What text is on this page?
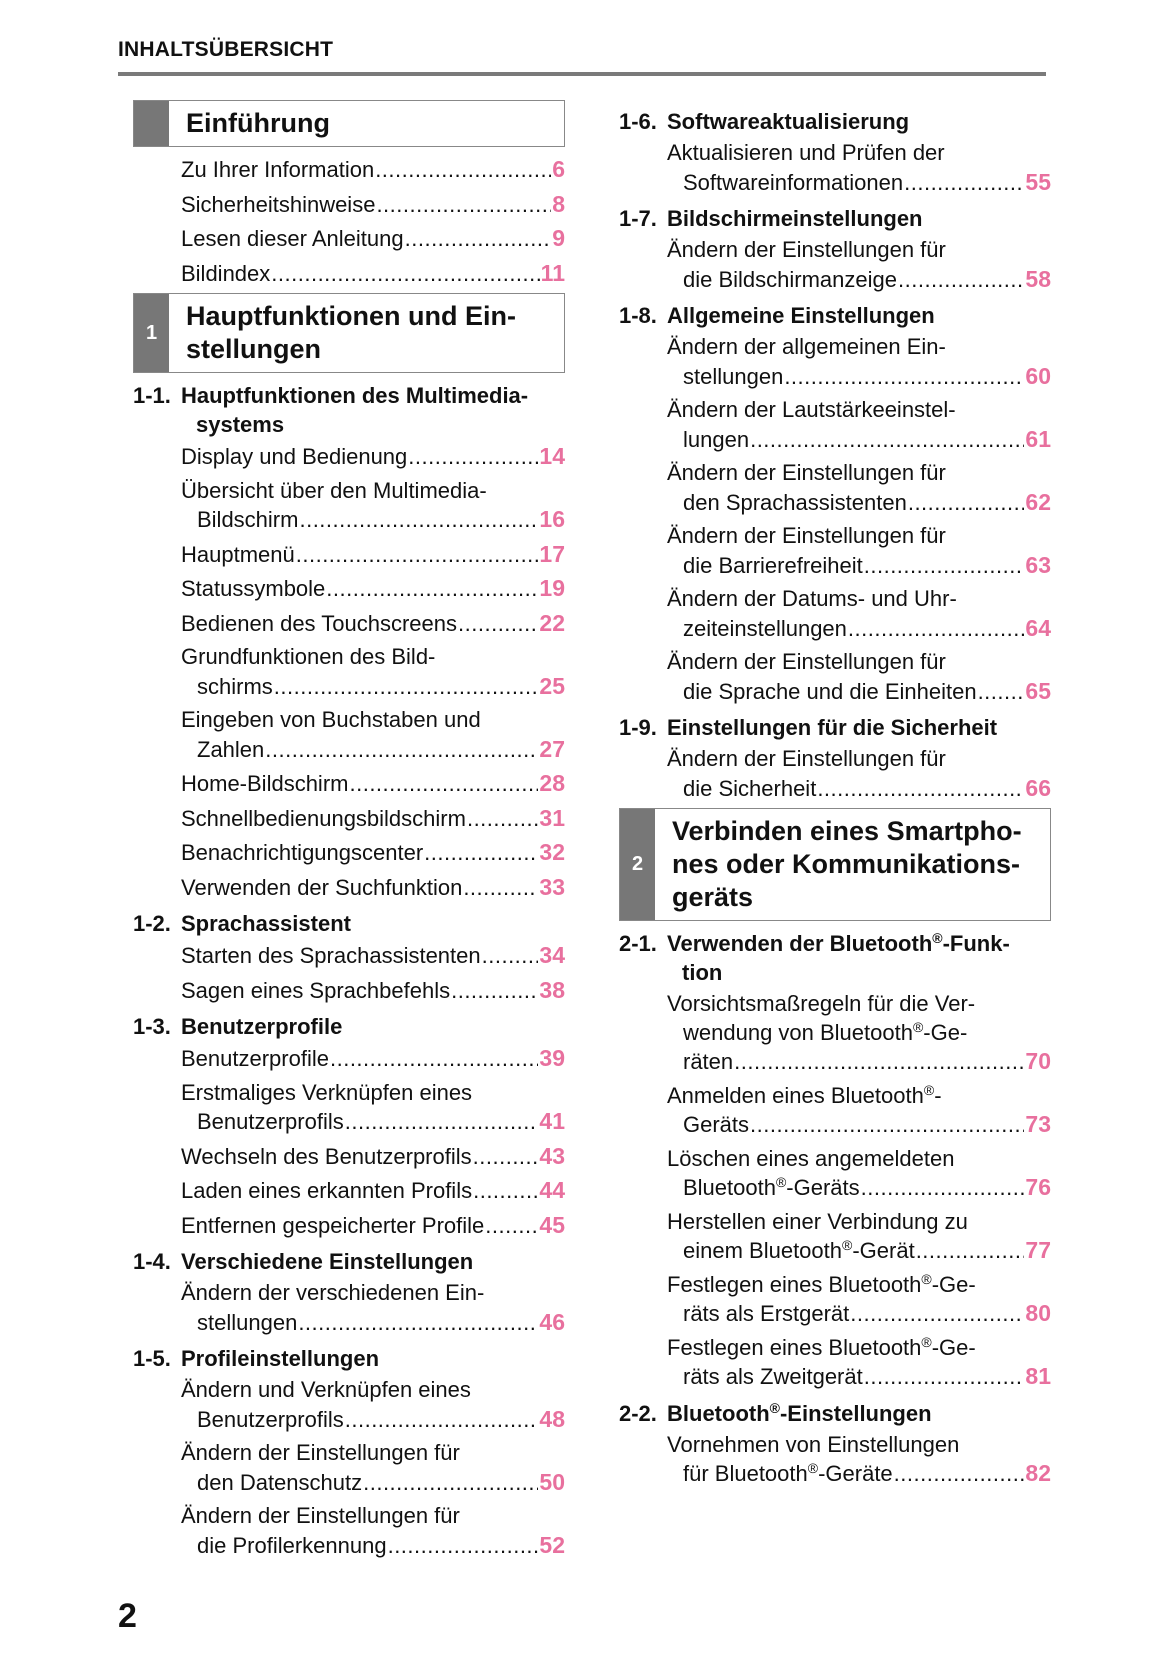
INHALTSÜBERSICHT
Einführung
Zu Ihrer Information .....	6
Sicherheitshinweise .....	8
Lesen dieser Anleitung .....	9
Bildindex .....	11
1
Hauptfunktionen und Ein-
stellungen
1-1. Hauptfunktionen des Multimedia-
systems
Display und Bedienung .....	14
Übersicht über den Multimedia-
Bildschirm .....	16
Hauptmenü .....	17
Statussymbole .....	19
Bedienen des Touchscreens .....	22
Grundfunktionen des Bild-
schirms .....	25
Eingeben von Buchstaben und
Zahlen .....	27
Home-Bildschirm .....	28
Schnellbedienungsbildschirm .....	31
Benachrichtigungscenter .....	32
Verwenden der Suchfunktion .....	33
1-2. Sprachassistent
Starten des Sprachassistenten .....	34
Sagen eines Sprachbefehls .....	38
1-3. Benutzerprofile
Benutzerprofile .....	39
Erstmaliges Verknüpfen eines
Benutzerprofils .....	41
Wechseln des Benutzerprofils .....	43
Laden eines erkannten Profils .....	44
Entfernen gespeicherter Profile ..... 45
1-4. Verschiedene Einstellungen
Ändern der verschiedenen Ein-
stellungen .....	46
1-5. Profileinstellungen
Ändern und Verknüpfen eines
Benutzerprofils .....	48
Ändern der Einstellungen für
den Datenschutz .....	50
Ändern der Einstellungen für
die Profilerkennung .....	52
1-6. Softwareaktualisierung
Aktualisieren und Prüfen der
Softwareinformationen .....	55
1-7. Bildschirmeinstellungen
Ändern der Einstellungen für
die Bildschirmanzeige .....	58
1-8. Allgemeine Einstellungen
Ändern der allgemeinen Ein-
stellungen .....	60
Ändern der Lautstärkeeinstel-
lungen .....	61
Ändern der Einstellungen für
den Sprachassistenten .....	62
Ändern der Einstellungen für
die Barrierefreiheit .....	63
Ändern der Datums- und Uhr-
zeiteinstellungen .....	64
Ändern der Einstellungen für
die Sprache und die Einheiten ..... 65
1-9. Einstellungen für die Sicherheit
Ändern der Einstellungen für
die Sicherheit .....	66
2
Verbinden eines Smartpho-
nes oder Kommunikations-
geräts
2-1. Verwenden der Bluetooth®-Funk-
tion
Vorsichtsmaßregeln für die Ver-
wendung von Bluetooth®-Ge-
räten .....	70
Anmelden eines Bluetooth®-
Geräts .....	73
Löschen eines angemeldeten
Bluetooth®-Geräts .....	76
Herstellen einer Verbindung zu
einem Bluetooth®-Gerät .....	77
Festlegen eines Bluetooth®-Ge-
räts als Erstgerät .....	80
Festlegen eines Bluetooth®-Ge-
räts als Zweitgerät .....	81
2-2. Bluetooth®-Einstellungen
Vornehmen von Einstellungen
für Bluetooth®-Geräte .....	82
2
